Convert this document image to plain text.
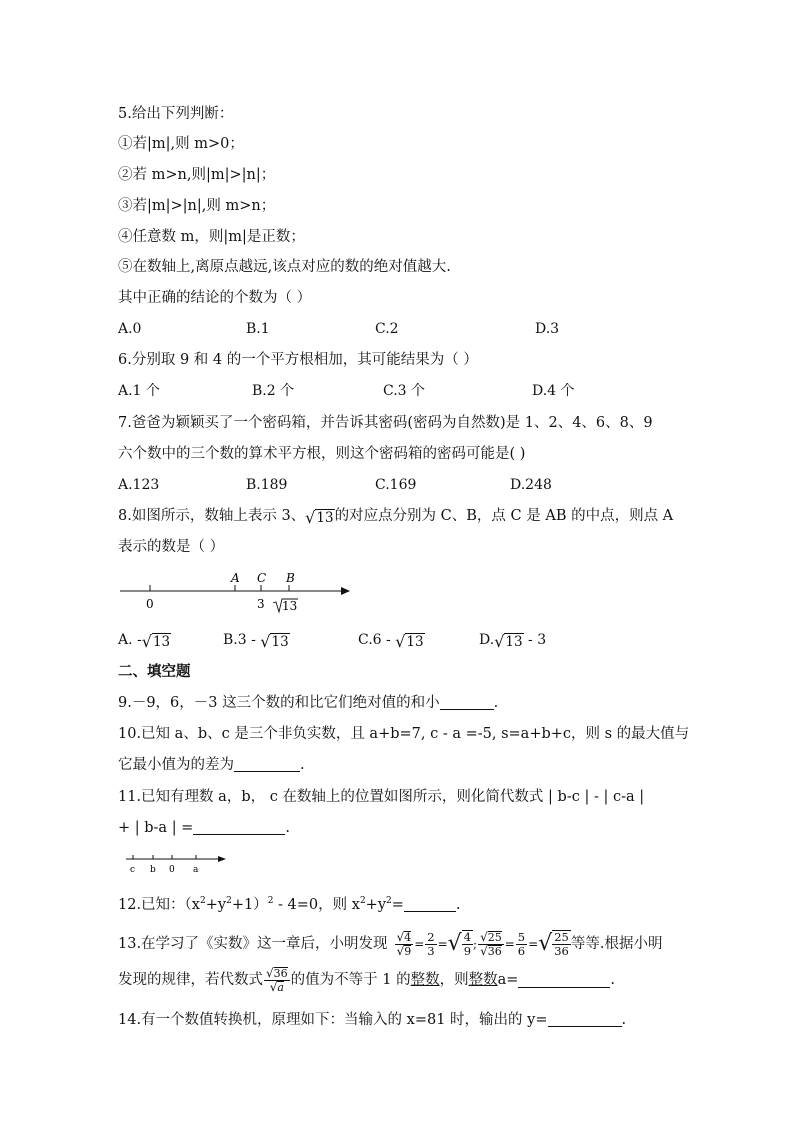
5.给出下列判断：
①若|m|,则 m>0；
②若 m>n,则|m|>|n|；
③若|m|>|n|,则 m>n；
④任意数 m，则|m|是正数；
⑤在数轴上,离原点越远,该点对应的数的绝对值越大.
其中正确的结论的个数为（ ）
A.0	B.1	C.2	D.3
6.分别取 9 和 4 的一个平方根相加，其可能结果为（ ）
A.1 个	B.2 个	C.3 个	D.4 个
7.爸爸为颖颖买了一个密码箱，并告诉其密码(密码为自然数)是 1、2、4、6、8、9
六个数中的三个数的算术平方根，则这个密码箱的密码可能是( )
A.123	B.189	C.169	D.248
8.如图所示，数轴上表示 3、 √ 13 的对应点分别为 C、B，点 C 是 AB 的中点，则点 A
表示的数是（ ）
A C B
0	3 13
A. - √ 13	B.3 - √ 13	C.6 - √ 13	D. √ 13 - 3
二、填空题
9.－9，6，－3 这三个数的和比它们绝对值的和小	.
10.已知 a、b、c 是三个非负实数，且 a+b=7, c - a =-5, s=a+b+c，则 s 的最大值与
它最小值为的差为	.
11.已知有理数 a，b， c 在数轴上的位置如图所示，则化简代数式 | b-c | - | c-a |
+ | b-a | =	.
c b 0 a
12.已知：$(x^2+y^2+1)^2 - 4=0$，则 $x^2+y^2=$	.
13.在学习了《实数》这一章后，小明发现 $\frac{√ 4}{√ 9} = \frac{2}{3}$ = √ $\frac{4}{9}$ ; $\frac{√ 25}{√ 36} = \frac{5}{6}$ = √ $\frac{25}{36}$ 等等.根据小明
发现的规律，若代数式 $\frac{√ 36}{√ a}$ 的值为不等于 1 的 整数 ，则 整数 a=	.
14.有一个数值转换机，原理如下：当输入的 x=81 时，输出的 y=	.
